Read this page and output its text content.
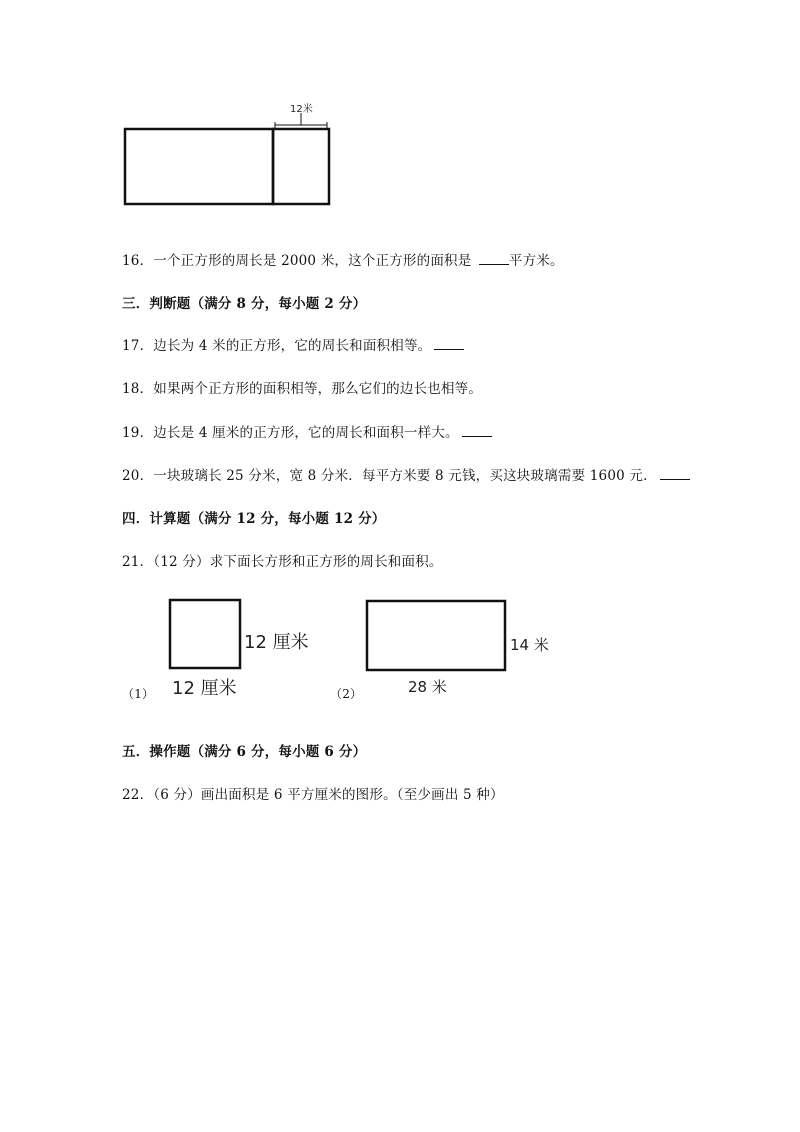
12米
16．一个正方形的周长是 2000 米，这个正方形的面积是	平方米。
三．判断题（满分 8 分，每小题 2 分）
17．边长为 4 米的正方形，它的周长和面积相等。
18．如果两个正方形的面积相等，那么它们的边长也相等。
19．边长是 4 厘米的正方形，它的周长和面积一样大。
20．一块玻璃长 25 分米，宽 8 分米．每平方米要 8 元钱，买这块玻璃需要 1600 元．
四．计算题（满分 12 分，每小题 12 分）
21．（12 分）求下面长方形和正方形的周长和面积。
（1）
12 厘米
12 厘米	（2）
14 米
28 米
五．操作题（满分 6 分，每小题 6 分）
22．（6 分）画出面积是 6 平方厘米的图形。（至少画出 5 种）
